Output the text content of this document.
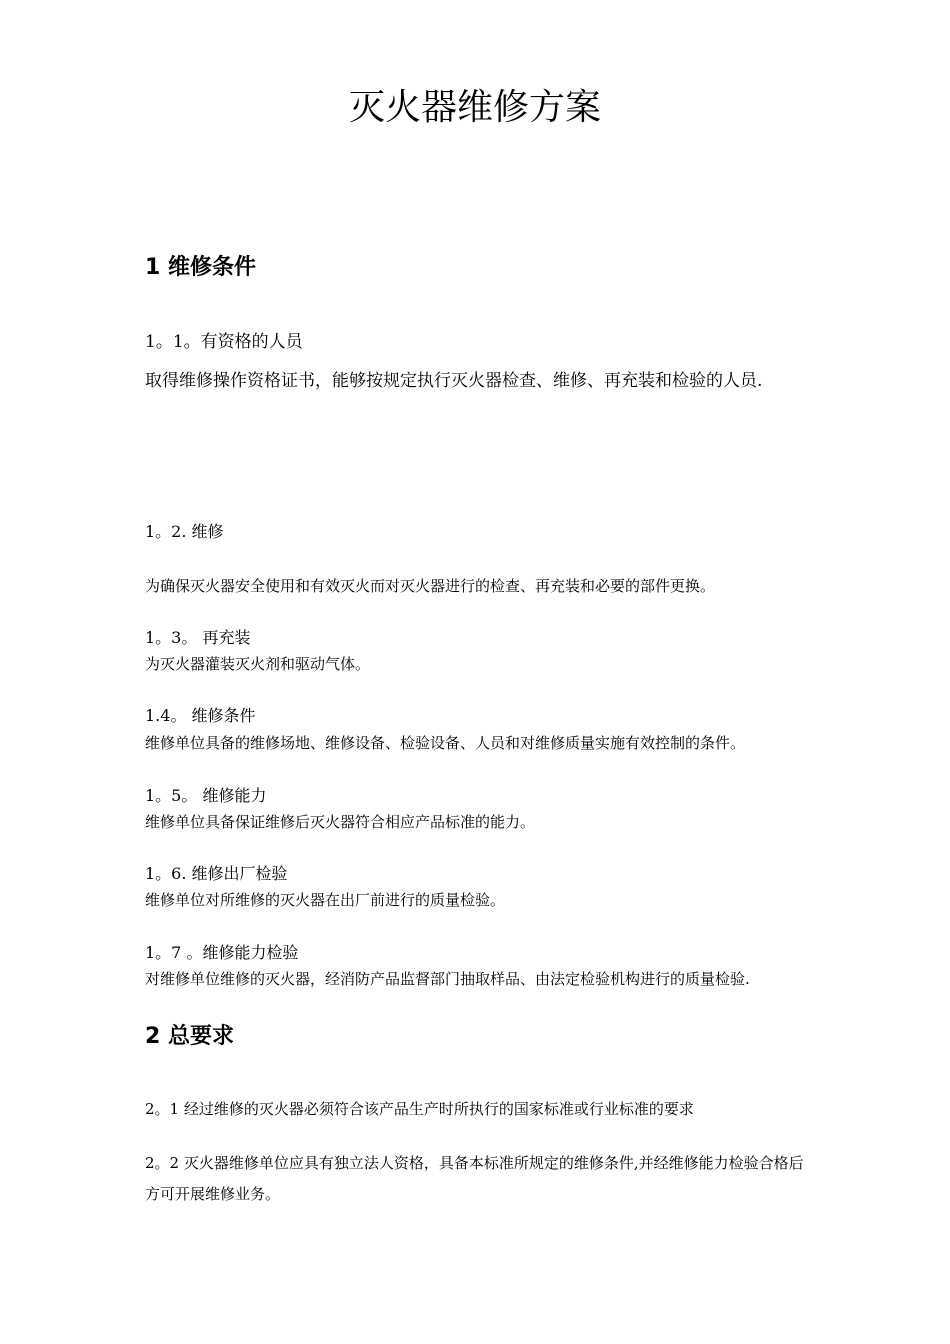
灭火器维修方案
1 维修条件
1。1。有资格的人员

取得维修操作资格证书，能够按规定执行灭火器检查、维修、再充装和检验的人员.

1。2. 维修

为确保灭火器安全使用和有效灭火而对灭火器进行的检查、再充装和必要的部件更换。

1。3。 再充装

为灭火器灌装灭火剂和驱动气体。

1.4。 维修条件

维修单位具备的维修场地、维修设备、检验设备、人员和对维修质量实施有效控制的条件。

1。5。 维修能力

维修单位具备保证维修后灭火器符合相应产品标准的能力。

1。6. 维修出厂检验

维修单位对所维修的灭火器在出厂前进行的质量检验。

1。7 。维修能力检验

对维修单位维修的灭火器，经消防产品监督部门抽取样品、由法定检验机构进行的质量检验.

2 总要求

2。1 经过维修的灭火器必须符合该产品生产时所执行的国家标准或行业标准的要求

2。2 灭火器维修单位应具有独立法人资格，具备本标准所规定的维修条件,并经维修能力检验合格后方可开展维修业务。
